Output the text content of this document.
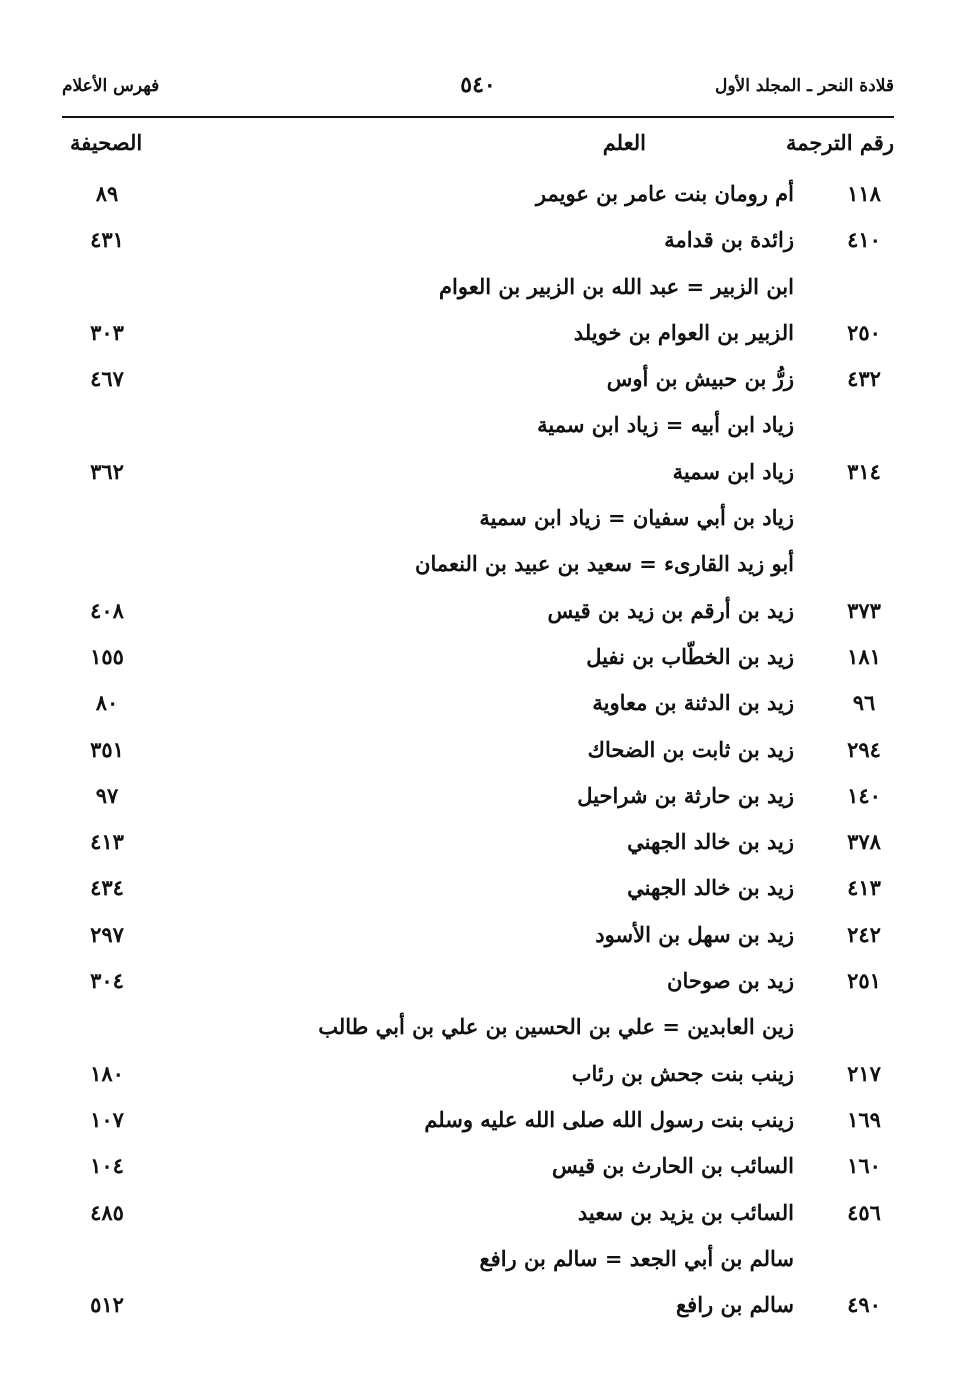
قلادة النحر ـ المجلد الأول
٥٤٠
فهرس الأعلام
رقم الترجمة
العلم
الصحيفة
١١٨
أم رومان بنت عامر بن عويمر
٨٩
٤١٠
زائدة بن قدامة
٤٣١
ابن الزبير = عبد الله بن الزبير بن العوام
٢٥٠
الزبير بن العوام بن خويلد
٣٠٣
٤٣٢
زرُّ بن حبيش بن أوس
٤٦٧
زياد ابن أبيه = زياد ابن سمية
٣١٤
زياد ابن سمية
٣٦٢
زياد بن أبي سفيان = زياد ابن سمية
أبو زيد القارىء = سعيد بن عبيد بن النعمان
٣٧٣
زيد بن أرقم بن زيد بن قيس
٤٠٨
١٨١
زيد بن الخطّاب بن نفيل
١٥٥
٩٦
زيد بن الدثنة بن معاوية
٨٠
٢٩٤
زيد بن ثابت بن الضحاك
٣٥١
١٤٠
زيد بن حارثة بن شراحيل
٩٧
٣٧٨
زيد بن خالد الجهني
٤١٣
٤١٣
زيد بن خالد الجهني
٤٣٤
٢٤٢
زيد بن سهل بن الأسود
٢٩٧
٢٥١
زيد بن صوحان
٣٠٤
زين العابدين = علي بن الحسين بن علي بن أبي طالب
٢١٧
زينب بنت جحش بن رئاب
١٨٠
١٦٩
زينب بنت رسول الله صلى الله عليه وسلم
١٠٧
١٦٠
السائب بن الحارث بن قيس
١٠٤
٤٥٦
السائب بن يزيد بن سعيد
٤٨٥
سالم بن أبي الجعد = سالم بن رافع
٤٩٠
سالم بن رافع
٥١٢
